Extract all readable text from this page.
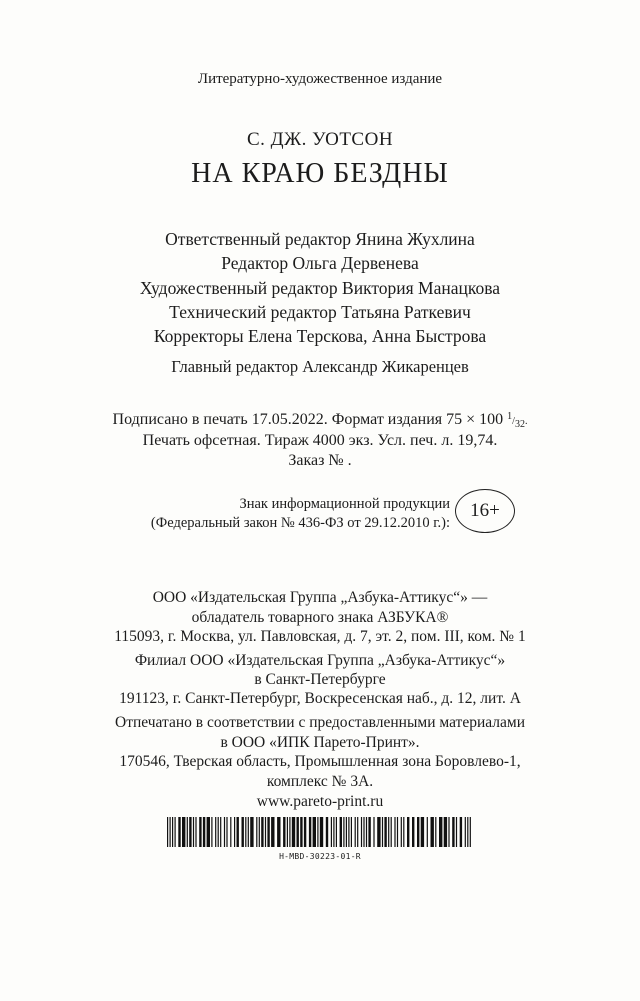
Литературно-художественное издание
С. ДЖ. УОТСОН
НА КРАЮ БЕЗДНЫ
Ответственный редактор Янина Жухлина
Редактор Ольга Дервенева
Художественный редактор Виктория Манацкова
Технический редактор Татьяна Раткевич
Корректоры Елена Терскова, Анна Быстрова
Главный редактор Александр Жикаренцев
Подписано в печать 17.05.2022. Формат издания 75 × 100 1/32.
Печать офсетная. Тираж 4000 экз. Усл. печ. л. 19,74.
Заказ № .
Знак информационной продукции
(Федеральный закон № 436-ФЗ от 29.12.2010 г.):
16+
ООО «Издательская Группа „Азбука-Аттикус“» —
обладатель товарного знака АЗБУКА®
115093, г. Москва, ул. Павловская, д. 7, эт. 2, пом. III, ком. № 1
Филиал ООО «Издательская Группа „Азбука-Аттикус“»
в Санкт-Петербурге
191123, г. Санкт-Петербург, Воскресенская наб., д. 12, лит. А
Отпечатано в соответствии с предоставленными материалами
в ООО «ИПК Парето-Принт».
170546, Тверская область, Промышленная зона Боровлево-1,
комплекс № 3А.
www.pareto-print.ru
H-MBD-30223-01-R
